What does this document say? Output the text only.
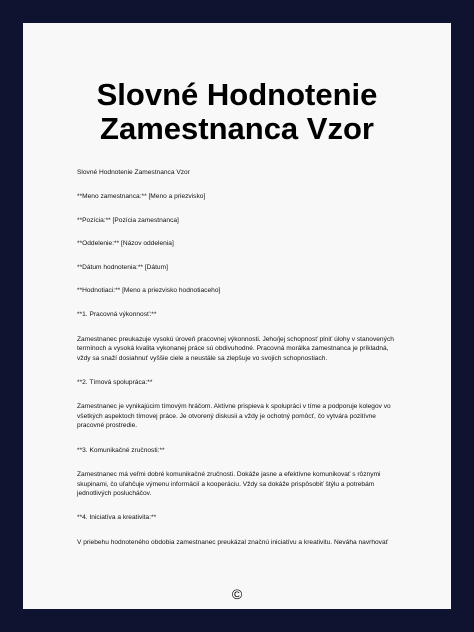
Slovné Hodnotenie
Zamestnanca Vzor

Slovné Hodnotenie Zamestnanca Vzor

**Meno zamestnanca:** [Meno a priezvisko]

**Pozícia:** [Pozícia zamestnanca]

**Oddelenie:** [Názov oddelenia]

**Dátum hodnotenia:** [Dátum]

**Hodnotiaci:** [Meno a priezvisko hodnotiaceho]

**1. Pracovná výkonnosť:**

Zamestnanec preukazuje vysokú úroveň pracovnej výkonnosti. Jeho/jej schopnosť plniť úlohy v stanovených termínoch a vysoká kvalita vykonanej práce sú obdivuhodné. Pracovná morálka zamestnanca je príkladná, vždy sa snaží dosiahnuť vyššie ciele a neustále sa zlepšuje vo svojich schopnostiach.

**2. Tímová spolupráca:**

Zamestnanec je vynikajúcim tímovým hráčom. Aktívne prispieva k spolupráci v tíme a podporuje kolegov vo všetkých aspektoch tímovej práce. Je otvorený diskusii a vždy je ochotný pomôcť, čo vytvára pozitívne pracovné prostredie.

**3. Komunikačné zručnosti:**

Zamestnanec má veľmi dobré komunikačné zručnosti. Dokáže jasne a efektívne komunikovať s rôznymi skupinami, čo uľahčuje výmenu informácií a kooperáciu. Vždy sa dokáže prispôsobiť štýlu a potrebám jednotlivých poslucháčov.

**4. Iniciatíva a kreativita:**

V priebehu hodnoteného obdobia zamestnanec preukázal značnú iniciatívu a kreativitu. Neváha navrhovať

©
